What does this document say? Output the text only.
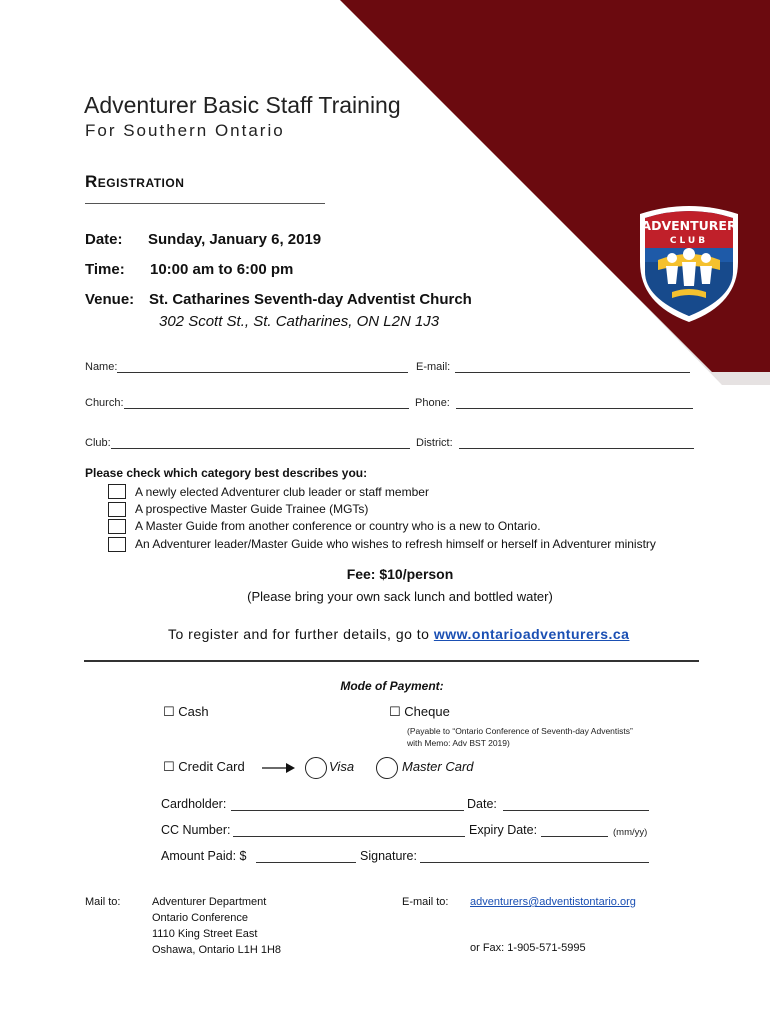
ADVENTURER
CLUB
Adventurer Basic Staff Training
For Southern Ontario
Registration
Date: Sunday, January 6, 2019
Time: 10:00 am to 6:00 pm
Venue: St. Catharines Seventh-day Adventist Church
302 Scott St., St. Catharines, ON L2N 1J3
Name:	E-mail:
Church:	Phone:
Club:	District:
Please check which category best describes you:
A newly elected Adventurer club leader or staff member
A prospective Master Guide Trainee (MGTs)
A Master Guide from another conference or country who is a new to Ontario.
An Adventurer leader/Master Guide who wishes to refresh himself or herself in Adventurer ministry
Fee: $10/person
(Please bring your own sack lunch and bottled water)
To register and for further details, go to www.ontarioadventurers.ca
Mode of Payment:
☐ Cash	☐ Cheque
(Payable to “Ontario Conference of Seventh-day Adventists”
with Memo: Adv BST 2019)
☐ Credit Card	Visa	Master Card
Cardholder:	Date:
CC Number:	Expiry Date:	(mm/yy)
Amount Paid: $	Signature:
Mail to:	Adventurer Department
Ontario Conference
1110 King Street East
Oshawa, Ontario L1H 1H8
E-mail to: adventurers@adventistontario.org
or Fax: 1-905-571-5995
